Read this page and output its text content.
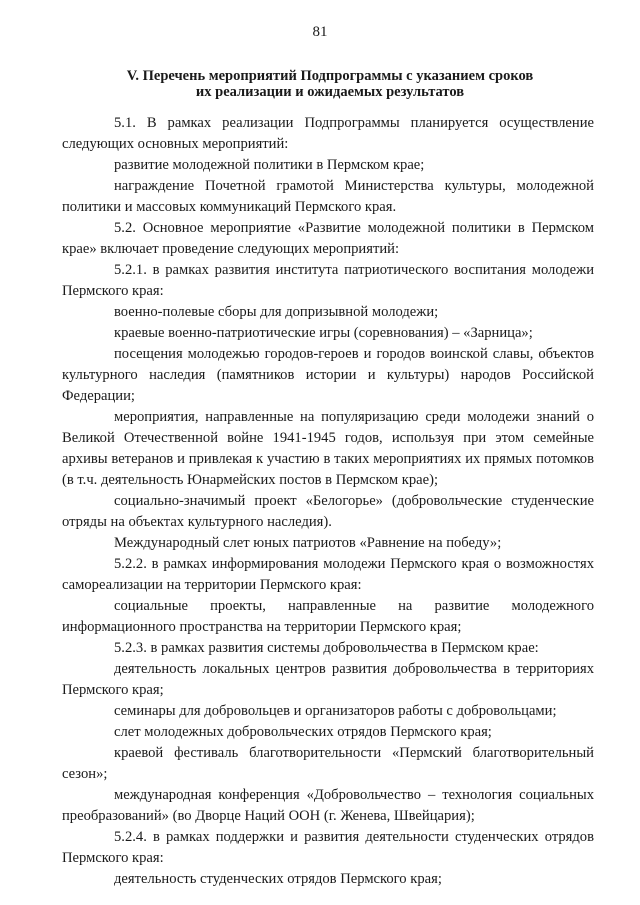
81
V. Перечень мероприятий Подпрограммы с указанием сроков
их реализации и ожидаемых результатов

5.1. В рамках реализации Подпрограммы планируется осуществление следующих основных мероприятий:

развитие молодежной политики в Пермском крае;

награждение Почетной грамотой Министерства культуры, молодежной политики и массовых коммуникаций Пермского края.

5.2. Основное мероприятие «Развитие молодежной политики в Пермском крае» включает проведение следующих мероприятий:

5.2.1. в рамках развития института патриотического воспитания молодежи Пермского края:

военно-полевые сборы для допризывной молодежи;

краевые военно-патриотические игры (соревнования) – «Зарница»;

посещения молодежью городов-героев и городов воинской славы, объектов культурного наследия (памятников истории и культуры) народов Российской Федерации;

мероприятия, направленные на популяризацию среди молодежи знаний о Великой Отечественной войне 1941-1945 годов, используя при этом семейные архивы ветеранов и привлекая к участию в таких мероприятиях их прямых потомков (в т.ч. деятельность Юнармейских постов в Пермском крае);

социально-значимый проект «Белогорье» (добровольческие студенческие отряды на объектах культурного наследия).

Международный слет юных патриотов «Равнение на победу»;

5.2.2. в рамках информирования молодежи Пермского края о возможностях самореализации на территории Пермского края:

социальные проекты, направленные на развитие молодежного информационного пространства на территории Пермского края;

5.2.3. в рамках развития системы добровольчества в Пермском крае:

деятельность локальных центров развития добровольчества в территориях Пермского края;

семинары для добровольцев и организаторов работы с добровольцами;

слет молодежных добровольческих отрядов Пермского края;

краевой фестиваль благотворительности «Пермский благотворительный сезон»;

международная конференция «Добровольчество – технология социальных преобразований» (во Дворце Наций ООН (г. Женева, Швейцария);

5.2.4. в рамках поддержки и развития деятельности студенческих отрядов Пермского края:

деятельность студенческих отрядов Пермского края;
